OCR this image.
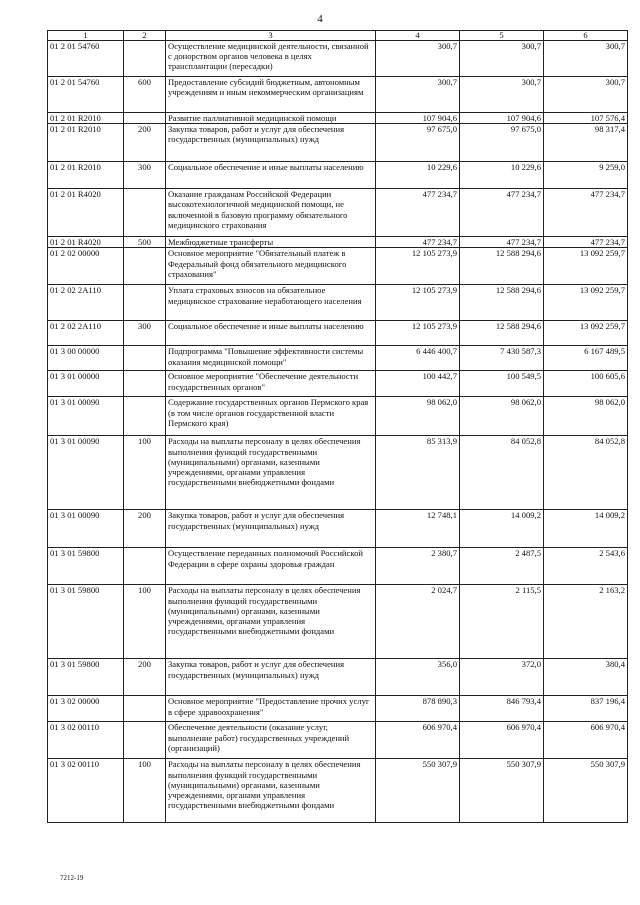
4
1	2	3	4	5	6
01 2 01 54760		Осуществление медицинской деятельности, связанной с донорством органов человека в целях трансплантации (пересадки)	300,7	300,7	300,7
01 2 01 54760	600	Предоставление субсидий бюджетным, автономным учреждениям и иным некоммерческим организациям	300,7	300,7	300,7
01 2 01 R2010		Развитие паллиативной медицинской помощи	107 904,6	107 904,6	107 576,4
01 2 01 R2010	200	Закупка товаров, работ и услуг для обеспечения государственных (муниципальных) нужд	97 675,0	97 675,0	98 317,4
01 2 01 R2010	300	Социальное обеспечение и иные выплаты населению	10 229,6	10 229,6	9 259,0
01 2 01 R4020		Оказание гражданам Российской Федерации высокотехнологичной медицинской помощи, не включенной в базовую программу обязательного медицинского страхования	477 234,7	477 234,7	477 234,7
01 2 01 R4020	500	Межбюджетные трансферты	477 234,7	477 234,7	477 234,7
01 2 02 00000		Основное мероприятие "Обязательный платеж в Федеральный фонд обязательного медицинского страхования"	12 105 273,9	12 588 294,6	13 092 259,7
01 2 02 2A110		Уплата страховых взносов на обязательное медицинское страхование неработающего населения	12 105 273,9	12 588 294,6	13 092 259,7
01 2 02 2A110	300	Социальное обеспечение и иные выплаты населению	12 105 273,9	12 588 294,6	13 092 259,7
01 3 00 00000		Подпрограмма "Повышение эффективности системы оказания медицинской помощи"	6 446 400,7	7 430 587,3	6 167 489,5
01 3 01 00000		Основное мероприятие "Обеспечение деятельности государственных органов"	100 442,7	100 549,5	100 605,6
01 3 01 00090		Содержание государственных органов Пермского края (в том числе органов государственной власти Пермского края)	98 062,0	98 062,0	98 062,0
01 3 01 00090	100	Расходы на выплаты персоналу в целях обеспечения выполнения функций государственными (муниципальными) органами, казенными учреждениями, органами управления государственными внебюджетными фондами	85 313,9	84 052,8	84 052,8
01 3 01 00090	200	Закупка товаров, работ и услуг для обеспечения государственных (муниципальных) нужд	12 748,1	14 009,2	14 009,2
01 3 01 59800		Осуществление переданных полномочий Российской Федерации в сфере охраны здоровья граждан	2 380,7	2 487,5	2 543,6
01 3 01 59800	100	Расходы на выплаты персоналу в целях обеспечения выполнения функций государственными (муниципальными) органами, казенными учреждениями, органами управления государственными внебюджетными фондами	2 024,7	2 115,5	2 163,2
01 3 01 59800	200	Закупка товаров, работ и услуг для обеспечения государственных (муниципальных) нужд	356,0	372,0	380,4
01 3 02 00000		Основное мероприятие "Предоставление прочих услуг в сфере здравоохранения"	878 890,3	846 793,4	837 196,4
01 3 02 00110		Обеспечение деятельности (оказание услуг, выполнение работ) государственных учреждений (организаций)	606 970,4	606 970,4	606 970,4
01 3 02 00110	100	Расходы на выплаты персоналу в целях обеспечения выполнения функций государственными (муниципальными) органами, казенными учреждениями, органами управления государственными внебюджетными фондами	550 307,9	550 307,9	550 307,9
7212-19
